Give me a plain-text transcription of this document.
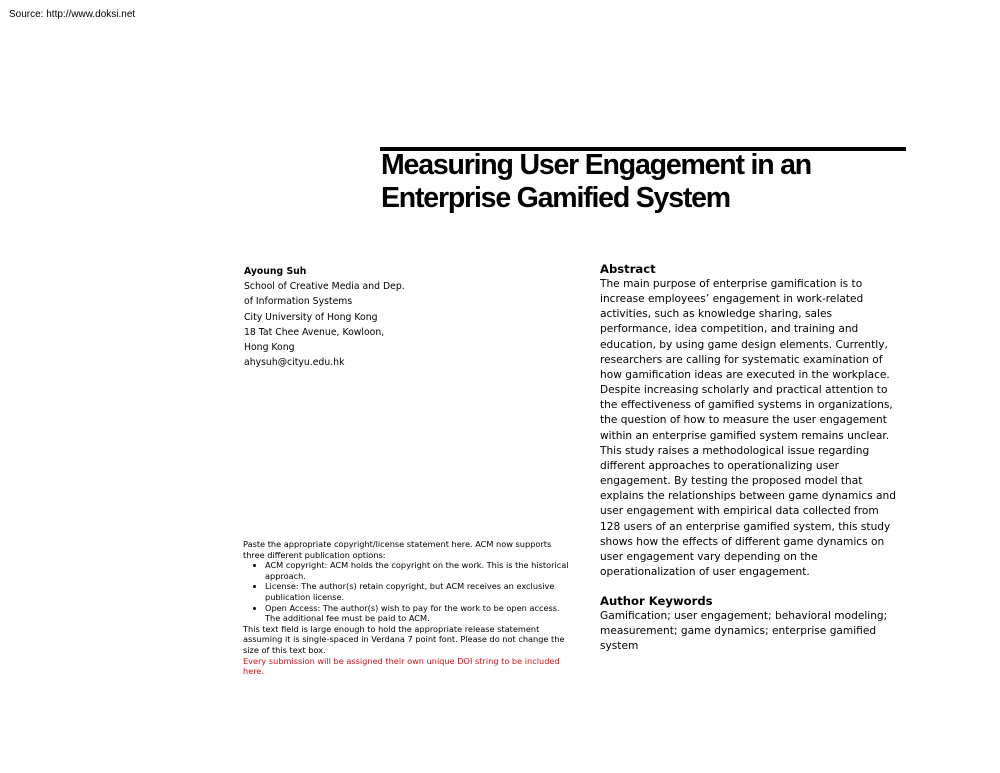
Source: http://www.doksi.net
Measuring User Engagement in an
Enterprise Gamified System
Ayoung Suh
School of Creative Media and Dep.
of Information Systems
City University of Hong Kong
18 Tat Chee Avenue, Kowloon,
Hong Kong
ahysuh@cityu.edu.hk
Paste the appropriate copyright/license statement here. ACM now supports three different publication options:
• ACM copyright: ACM holds the copyright on the work. This is the historical approach.
• License: The author(s) retain copyright, but ACM receives an exclusive publication license.
• Open Access: The author(s) wish to pay for the work to be open access. The additional fee must be paid to ACM.
This text field is large enough to hold the appropriate release statement assuming it is single-spaced in Verdana 7 point font. Please do not change the size of this text box.
Every submission will be assigned their own unique DOI string to be included here.
Abstract
The main purpose of enterprise gamification is to
increase employees’ engagement in work-related
activities, such as knowledge sharing, sales
performance, idea competition, and training and
education, by using game design elements. Currently,
researchers are calling for systematic examination of
how gamification ideas are executed in the workplace.
Despite increasing scholarly and practical attention to
the effectiveness of gamified systems in organizations,
the question of how to measure the user engagement
within an enterprise gamified system remains unclear.
This study raises a methodological issue regarding
different approaches to operationalizing user
engagement. By testing the proposed model that
explains the relationships between game dynamics and
user engagement with empirical data collected from
128 users of an enterprise gamified system, this study
shows how the effects of different game dynamics on
user engagement vary depending on the
operationalization of user engagement.
Author Keywords
Gamification; user engagement; behavioral modeling;
measurement; game dynamics; enterprise gamified
system
